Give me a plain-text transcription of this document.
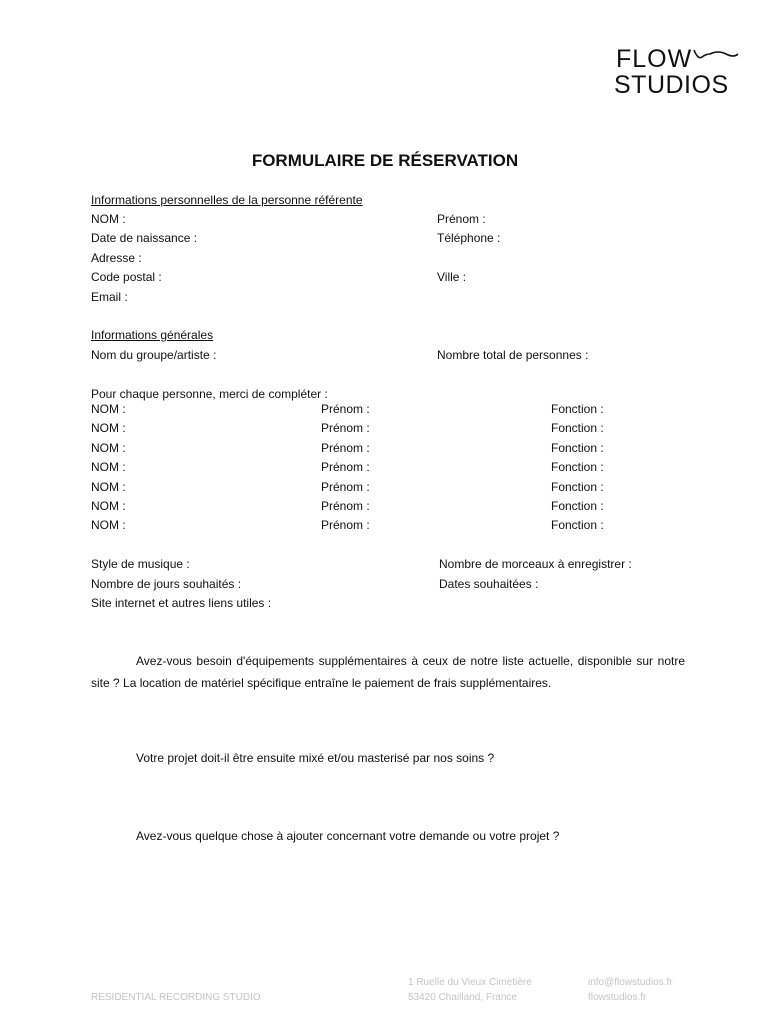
FLOW
STUDIOS
FORMULAIRE DE RÉSERVATION
Informations personnelles de la personne référente
NOM :	Prénom :
Date de naissance :	Téléphone :
Adresse :
Code postal :	Ville :
Email :
Informations générales
Nom du groupe/artiste :	Nombre total de personnes :
Pour chaque personne, merci de compléter :
NOM :	Prénom :	Fonction :
NOM :	Prénom :	Fonction :
NOM :	Prénom :	Fonction :
NOM :	Prénom :	Fonction :
NOM :	Prénom :	Fonction :
NOM :	Prénom :	Fonction :
NOM :	Prénom :	Fonction :
Style de musique :	Nombre de morceaux à enregistrer :
Nombre de jours souhaités :	Dates souhaitées :
Site internet et autres liens utiles :
Avez-vous besoin d'équipements supplémentaires à ceux de notre liste actuelle, disponible sur notre site ? La location de matériel spécifique entraîne le paiement de frais supplémentaires.
Votre projet doit-il être ensuite mixé et/ou masterisé par nos soins ?
Avez-vous quelque chose à ajouter concernant votre demande ou votre projet ?
RESIDENTIAL RECORDING STUDIO
1 Ruelle du Vieux Cimetière
53420 Chailland, France
info@flowstudios.fr
flowstudios.fr
